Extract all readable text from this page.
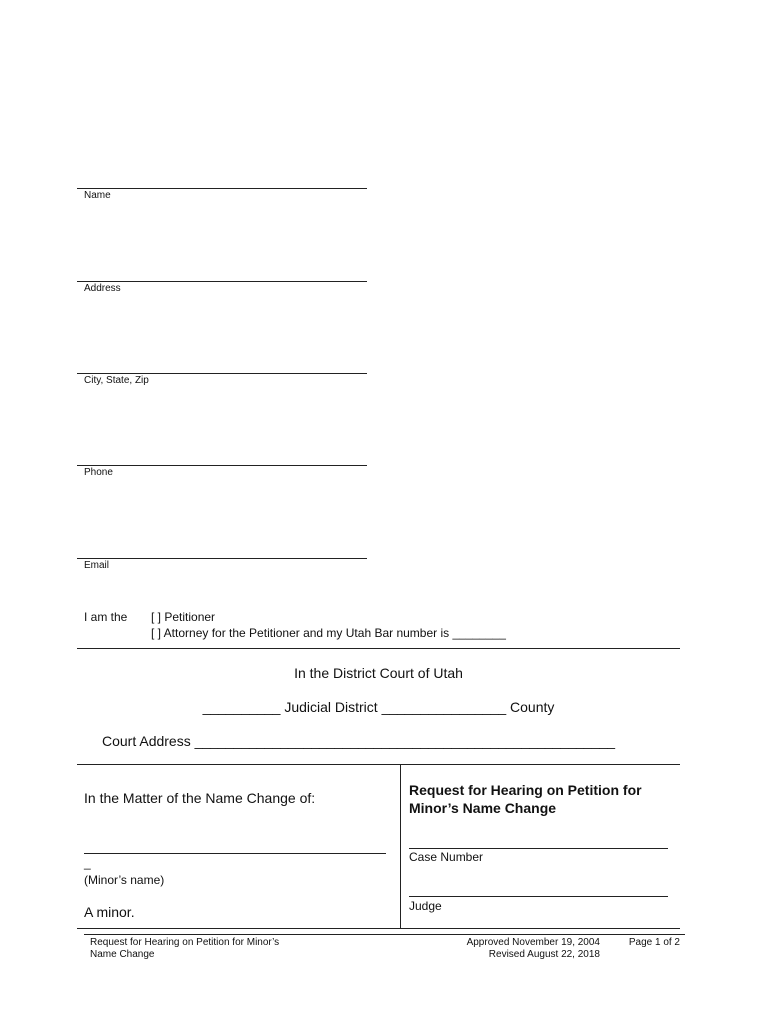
Name
Address
City, State, Zip
Phone
Email
I am the [ ] Petitioner
[ ] Attorney for the Petitioner and my Utah Bar number is ________
In the District Court of Utah
__________ Judicial District ________________ County
Court Address ______________________________________________________
In the Matter of the Name Change of:
_
(Minor’s name)
A minor.
Request for Hearing on Petition for
Minor’s Name Change
Case Number
Judge
Request for Hearing on Petition for Minor’s
Name Change
Approved November 19, 2004
Revised August 22, 2018
Page 1 of 2
